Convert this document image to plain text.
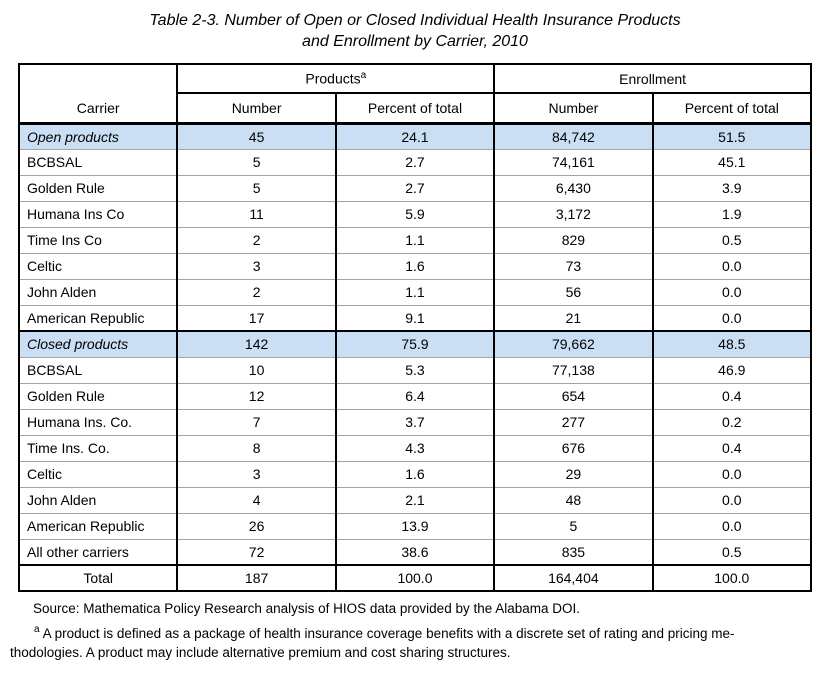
Table 2-3. Number of Open or Closed Individual Health Insurance Products
and Enrollment by Carrier, 2010
Carrier	Products$^a$		Enrollment	
	Number	Percent of total	Number	Percent of total
Open products	45	24.1	84,742	51.5
BCBSAL	5	2.7	74,161	45.1
Golden Rule	5	2.7	6,430	3.9
Humana Ins Co	11	5.9	3,172	1.9
Time Ins Co	2	1.1	829	0.5
Celtic	3	1.6	73	0.0
John Alden	2	1.1	56	0.0
American Republic	17	9.1	21	0.0
Closed products	142	75.9	79,662	48.5
BCBSAL	10	5.3	77,138	46.9
Golden Rule	12	6.4	654	0.4
Humana Ins. Co.	7	3.7	277	0.2
Time Ins. Co.	8	4.3	676	0.4
Celtic	3	1.6	29	0.0
John Alden	4	2.1	48	0.0
American Republic	26	13.9	5	0.0
All other carriers	72	38.6	835	0.5
Total	187	100.0	164,404	100.0

Source: Mathematica Policy Research analysis of HIOS data provided by the Alabama DOI.

$^a$ A product is defined as a package of health insurance coverage benefits with a discrete set of rating and pricing me-
thodologies. A product may include alternative premium and cost sharing structures.
